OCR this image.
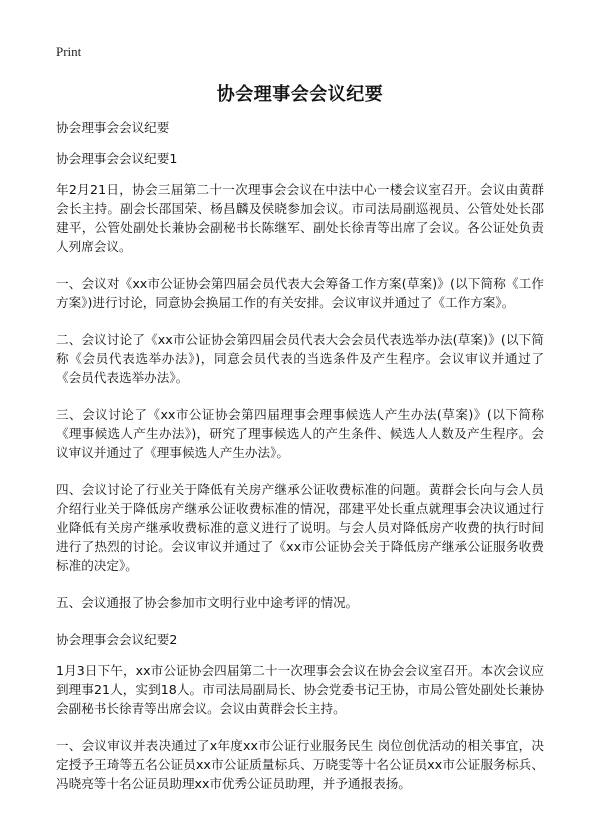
Print
协会理事会会议纪要

协会理事会会议纪要

协会理事会会议纪要1

年2月21日，协会三届第二十一次理事会会议在中法中心一楼会议室召开。会议由黄群会长主持。副会长邵国荣、杨昌麟及侯晓参加会议。市司法局副巡视员、公管处处长邵建平，公管处副处长兼协会副秘书长陈继军、副处长徐青等出席了会议。各公证处负责人列席会议。

一、会议对《xx市公证协会第四届会员代表大会筹备工作方案(草案)》(以下简称《工作方案》)进行讨论，同意协会换届工作的有关安排。会议审议并通过了《工作方案》。

二、会议讨论了《xx市公证协会第四届会员代表大会会员代表选举办法(草案)》(以下简称《会员代表选举办法》)，同意会员代表的当选条件及产生程序。会议审议并通过了《会员代表选举办法》。

三、会议讨论了《xx市公证协会第四届理事会理事候选人产生办法(草案)》(以下简称《理事候选人产生办法》)，研究了理事候选人的产生条件、候选人人数及产生程序。会议审议并通过了《理事候选人产生办法》。

四、会议讨论了行业关于降低有关房产继承公证收费标准的问题。黄群会长向与会人员介绍行业关于降低房产继承公证收费标准的情况，邵建平处长重点就理事会决议通过行业降低有关房产继承收费标准的意义进行了说明。与会人员对降低房产收费的执行时间进行了热烈的讨论。会议审议并通过了《xx市公证协会关于降低房产继承公证服务收费标准的决定》。

五、会议通报了协会参加市文明行业中途考评的情况。

协会理事会会议纪要2

1月3日下午，xx市公证协会四届第二十一次理事会会议在协会会议室召开。本次会议应到理事21人，实到18人。市司法局副局长、协会党委书记王协，市局公管处副处长兼协会副秘书长徐青等出席会议。会议由黄群会长主持。

一、会议审议并表决通过了x年度xx市公证行业服务民生 岗位创优活动的相关事宜，决定授予王琦等五名公证员xx市公证质量标兵、万晓雯等十名公证员xx市公证服务标兵、冯晓亮等十名公证员助理xx市优秀公证员助理，并予通报表扬。
